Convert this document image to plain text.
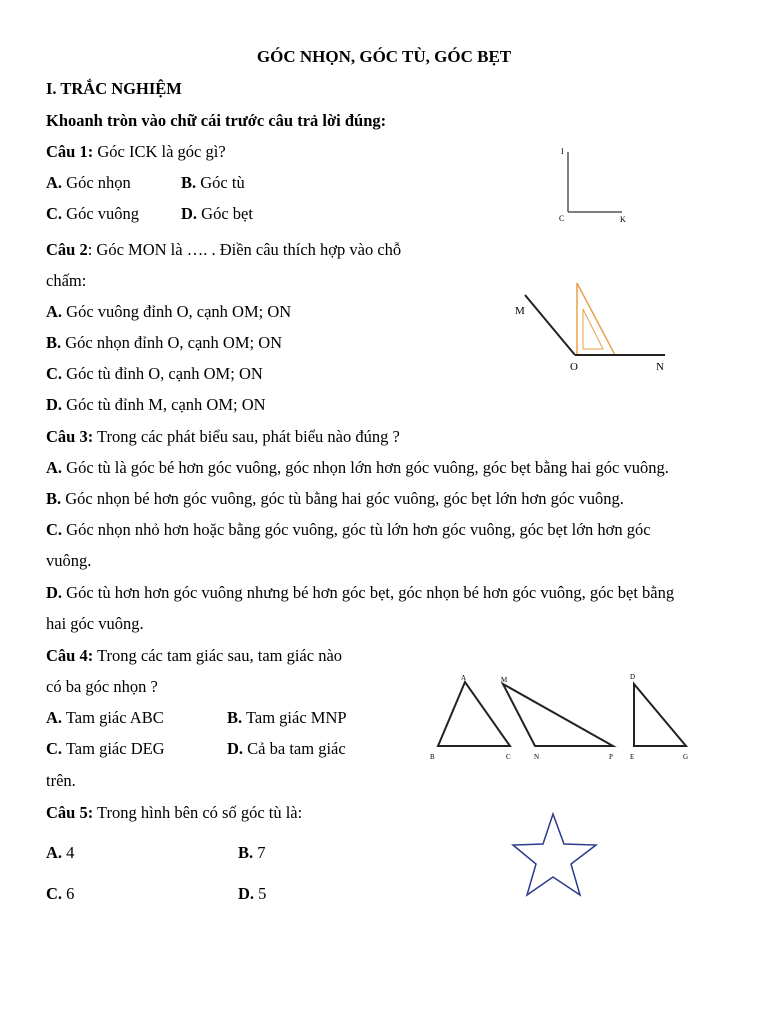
GÓC NHỌN, GÓC TÙ, GÓC BẸT
I. TRẮC NGHIỆM
Khoanh tròn vào chữ cái trước câu trả lời đúng:
Câu 1: Góc ICK là góc gì?
A. Góc nhọn	B. Góc tù
C. Góc vuông	D. Góc bẹt
I
C	K
Câu 2: Góc MON là …. . Điền câu thích hợp vào chỗ
chấm:
A. Góc vuông đỉnh O, cạnh OM; ON
B. Góc nhọn đỉnh O, cạnh OM; ON
C. Góc tù đỉnh O, cạnh OM; ON
D. Góc tù đỉnh M, cạnh OM; ON
M
O	N
Câu 3: Trong các phát biểu sau, phát biểu nào đúng ?
A. Góc tù là góc bé hơn góc vuông, góc nhọn lớn hơn góc vuông, góc bẹt bằng hai góc vuông.
B. Góc nhọn bé hơn góc vuông, góc tù bằng hai góc vuông, góc bẹt lớn hơn góc vuông.
C. Góc nhọn nhỏ hơn hoặc bằng góc vuông, góc tù lớn hơn góc vuông, góc bẹt lớn hơn góc
vuông.
D. Góc tù hơn hơn góc vuông nhưng bé hơn góc bẹt, góc nhọn bé hơn góc vuông, góc bẹt bằng
hai góc vuông.
Câu 4: Trong các tam giác sau, tam giác nào
có ba góc nhọn ?
A. Tam giác ABC	B. Tam giác MNP
C. Tam giác DEG	D. Cả ba tam giác
trên.
A
B	C
M
N	P
D
E	G
Câu 5: Trong hình bên có số góc tù là:
A. 4	B. 7
C. 6	D. 5
